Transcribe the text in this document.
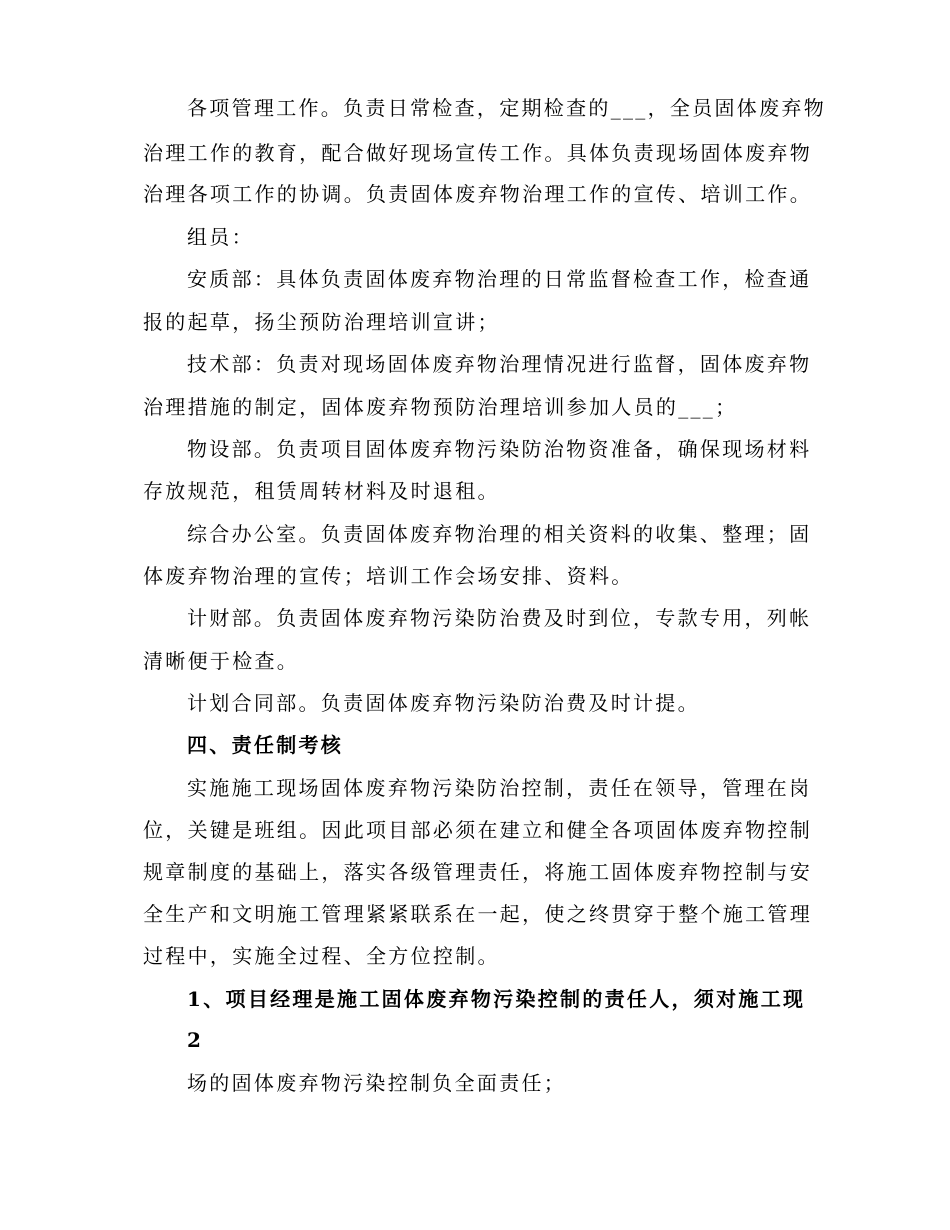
各项管理工作。负责日常检查，定期检查的___，全员固体废弃物
治理工作的教育，配合做好现场宣传工作。具体负责现场固体废弃物
治理各项工作的协调。负责固体废弃物治理工作的宣传、培训工作。
组员：
安质部：具体负责固体废弃物治理的日常监督检查工作，检查通
报的起草，扬尘预防治理培训宣讲；
技术部：负责对现场固体废弃物治理情况进行监督，固体废弃物
治理措施的制定，固体废弃物预防治理培训参加人员的___；
物设部。负责项目固体废弃物污染防治物资准备，确保现场材料
存放规范，租赁周转材料及时退租。
综合办公室。负责固体废弃物治理的相关资料的收集、整理；固
体废弃物治理的宣传；培训工作会场安排、资料。
计财部。负责固体废弃物污染防治费及时到位，专款专用，列帐
清晰便于检查。
计划合同部。负责固体废弃物污染防治费及时计提。
四、责任制考核
实施施工现场固体废弃物污染防治控制，责任在领导，管理在岗
位，关键是班组。因此项目部必须在建立和健全各项固体废弃物控制
规章制度的基础上，落实各级管理责任，将施工固体废弃物控制与安
全生产和文明施工管理紧紧联系在一起，使之终贯穿于整个施工管理
过程中，实施全过程、全方位控制。
1、项目经理是施工固体废弃物污染控制的责任人，须对施工现
2
场的固体废弃物污染控制负全面责任；
